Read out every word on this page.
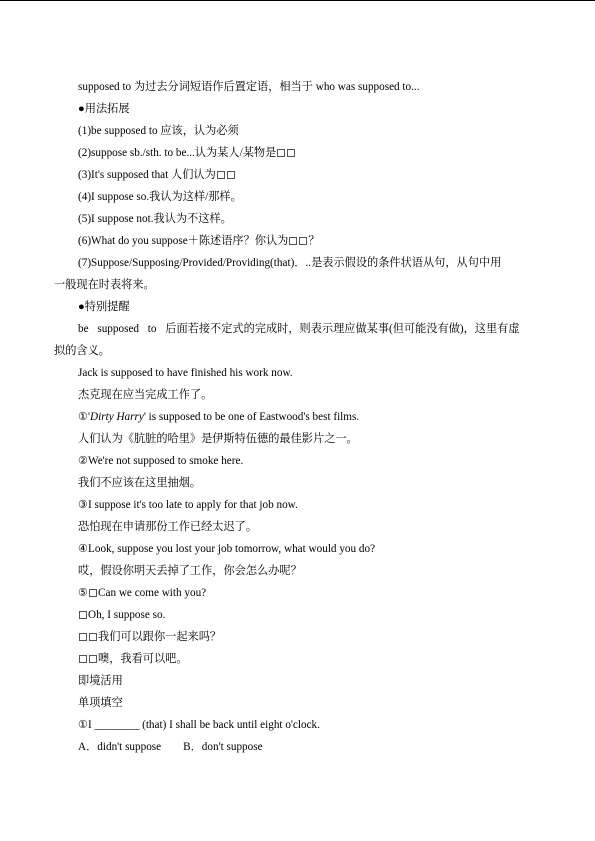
supposed to 为过去分词短语作后置定语，相当于 who was supposed to...
●用法拓展
(1)be supposed to 应该，认为必须
(2)suppose sb./sth. to be...认为某人/某物是
(3)It's supposed that 人们认为
(4)I suppose so.我认为这样/那样。
(5)I suppose not.我认为不这样。
(6)What do you suppose＋陈述语序？你认为 ？
(7)Suppose/Supposing/Provided/Providing(that)．..是表示假设的条件状语从句，从句中用
一般现在时表将来。
●特别提醒
be supposed to 后面若接不定式的完成时，则表示理应做某事(但可能没有做)，这里有虚
拟的含义。
Jack is supposed to have finished his work now.
杰克现在应当完成工作了。
①'Dirty Harry' is supposed to be one of Eastwood's best films.
人们认为《肮脏的哈里》是伊斯特伍德的最佳影片之一。
②We're not supposed to smoke here.
我们不应该在这里抽烟。
③I suppose it's too late to apply for that job now.
恐怕现在申请那份工作已经太迟了。
④Look, suppose you lost your job tomorrow, what would you do?
哎，假设你明天丢掉了工作，你会怎么办呢？
⑤ Can we come with you?
Oh, I suppose so.
我们可以跟你一起来吗？
噢，我看可以吧。
即境活用
单项填空
①I ________ (that) I shall be back until eight o'clock.
A．didn't suppose B．don't suppose
